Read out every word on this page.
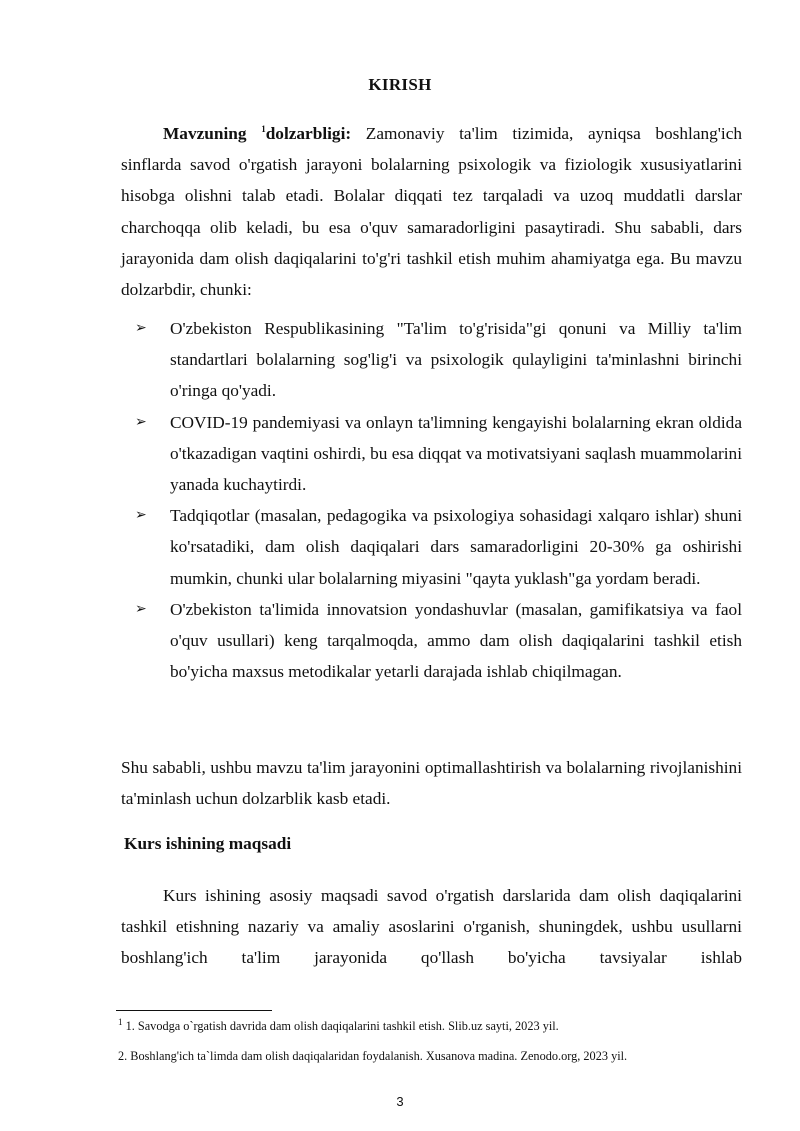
KIRISH
Mavzuning $^1$dolzarbligi: Zamonaviy ta'lim tizimida, ayniqsa boshlang'ich sinflarda savod o'rgatish jarayoni bolalarning psixologik va fiziologik xususiyatlarini hisobga olishni talab etadi. Bolalar diqqati tez tarqaladi va uzoq muddatli darslar charchoqqa olib keladi, bu esa o'quv samaradorligini pasaytiradi. Shu sababli, dars jarayonida dam olish daqiqalarini to'g'ri tashkil etish muhim ahamiyatga ega. Bu mavzu dolzarbdir, chunki:
➢ O'zbekiston Respublikasining "Ta'lim to'g'risida"gi qonuni va Milliy ta'lim standartlari bolalarning sog'lig'i va psixologik qulayligini ta'minlashni birinchi o'ringa qo'yadi.
➢ COVID-19 pandemiyasi va onlayn ta'limning kengayishi bolalarning ekran oldida o'tkazadigan vaqtini oshirdi, bu esa diqqat va motivatsiyani saqlash muammolarini yanada kuchaytirdi.
➢ Tadqiqotlar (masalan, pedagogika va psixologiya sohasidagi xalqaro ishlar) shuni ko'rsatadiki, dam olish daqiqalari dars samaradorligini 20-30% ga oshirishi mumkin, chunki ular bolalarning miyasini "qayta yuklash"ga yordam beradi.
➢ O'zbekiston ta'limida innovatsion yondashuvlar (masalan, gamifikatsiya va faol o'quv usullari) keng tarqalmoqda, ammo dam olish daqiqalarini tashkil etish bo'yicha maxsus metodikalar yetarli darajada ishlab chiqilmagan.
Shu sababli, ushbu mavzu ta'lim jarayonini optimallashtirish va bolalarning rivojlanishini ta'minlash uchun dolzarblik kasb etadi.
Kurs ishining maqsadi
Kurs ishining asosiy maqsadi savod o'rgatish darslarida dam olish daqiqalarini tashkil etishning nazariy va amaliy asoslarini o'rganish, shuningdek, ushbu usullarni boshlang'ich ta'lim jarayonida qo'llash bo'yicha tavsiyalar ishlab
$^1$ 1. Savodga o`rgatish davrida dam olish daqiqalarini tashkil etish. Slib.uz sayti, 2023 yil.
2. Boshlang'ich ta`limda dam olish daqiqalaridan foydalanish. Xusanova madina. Zenodo.org, 2023 yil.
3
